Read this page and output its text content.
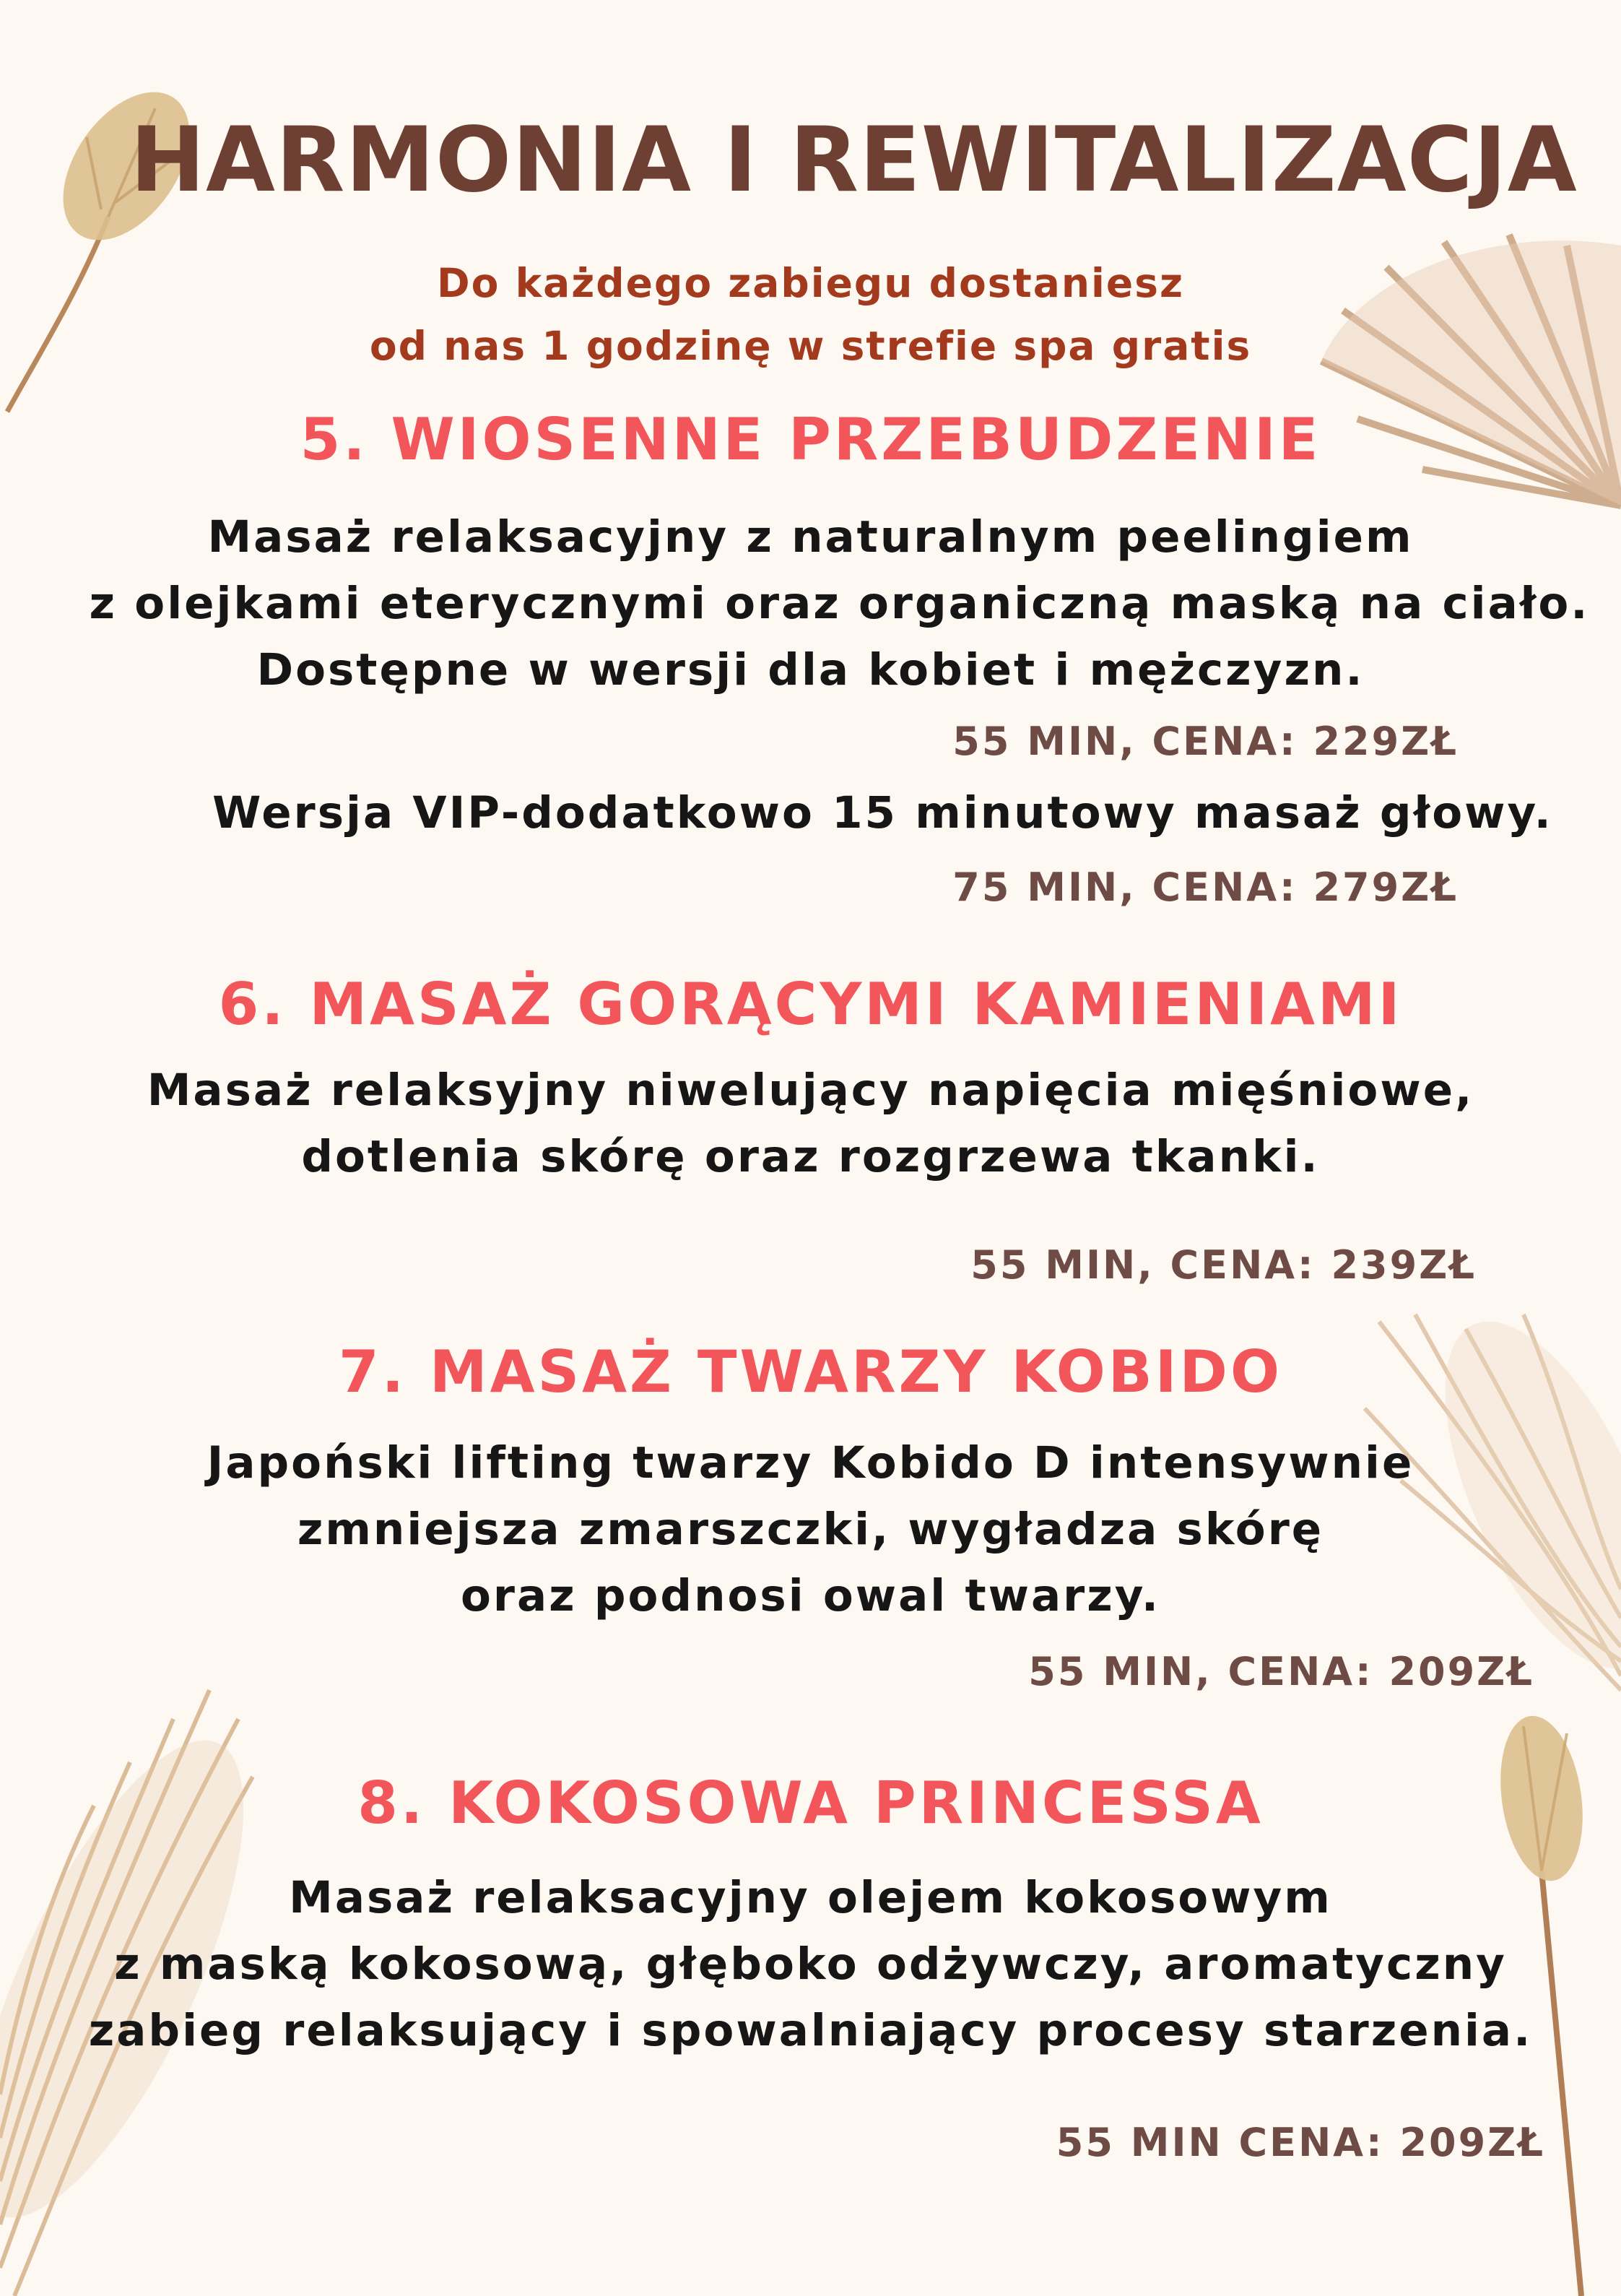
HARMONIA I REWITALIZACJA
Do każdego zabiegu dostaniesz
od nas 1 godzinę w strefie spa gratis
5. WIOSENNE PRZEBUDZENIE
Masaż relaksacyjny z naturalnym peelingiem
z olejkami eterycznymi oraz organiczną maską na ciało.
Dostępne w wersji dla kobiet i mężczyzn.
55 MIN, CENA: 229ZŁ
Wersja VIP-dodatkowo 15 minutowy masaż głowy.
75 MIN, CENA: 279ZŁ
6. MASAŻ GORĄCYMI KAMIENIAMI
Masaż relaksyjny niwelujący napięcia mięśniowe,
dotlenia skórę oraz rozgrzewa tkanki.
55 MIN, CENA: 239ZŁ
7. MASAŻ TWARZY KOBIDO
Japoński lifting twarzy Kobido D intensywnie
zmniejsza zmarszczki, wygładza skórę
oraz podnosi owal twarzy.
55 MIN, CENA: 209ZŁ
8. KOKOSOWA PRINCESSA
Masaż relaksacyjny olejem kokosowym
z maską kokosową, głęboko odżywczy, aromatyczny
zabieg relaksujący i spowalniający procesy starzenia.
55 MIN CENA: 209ZŁ
